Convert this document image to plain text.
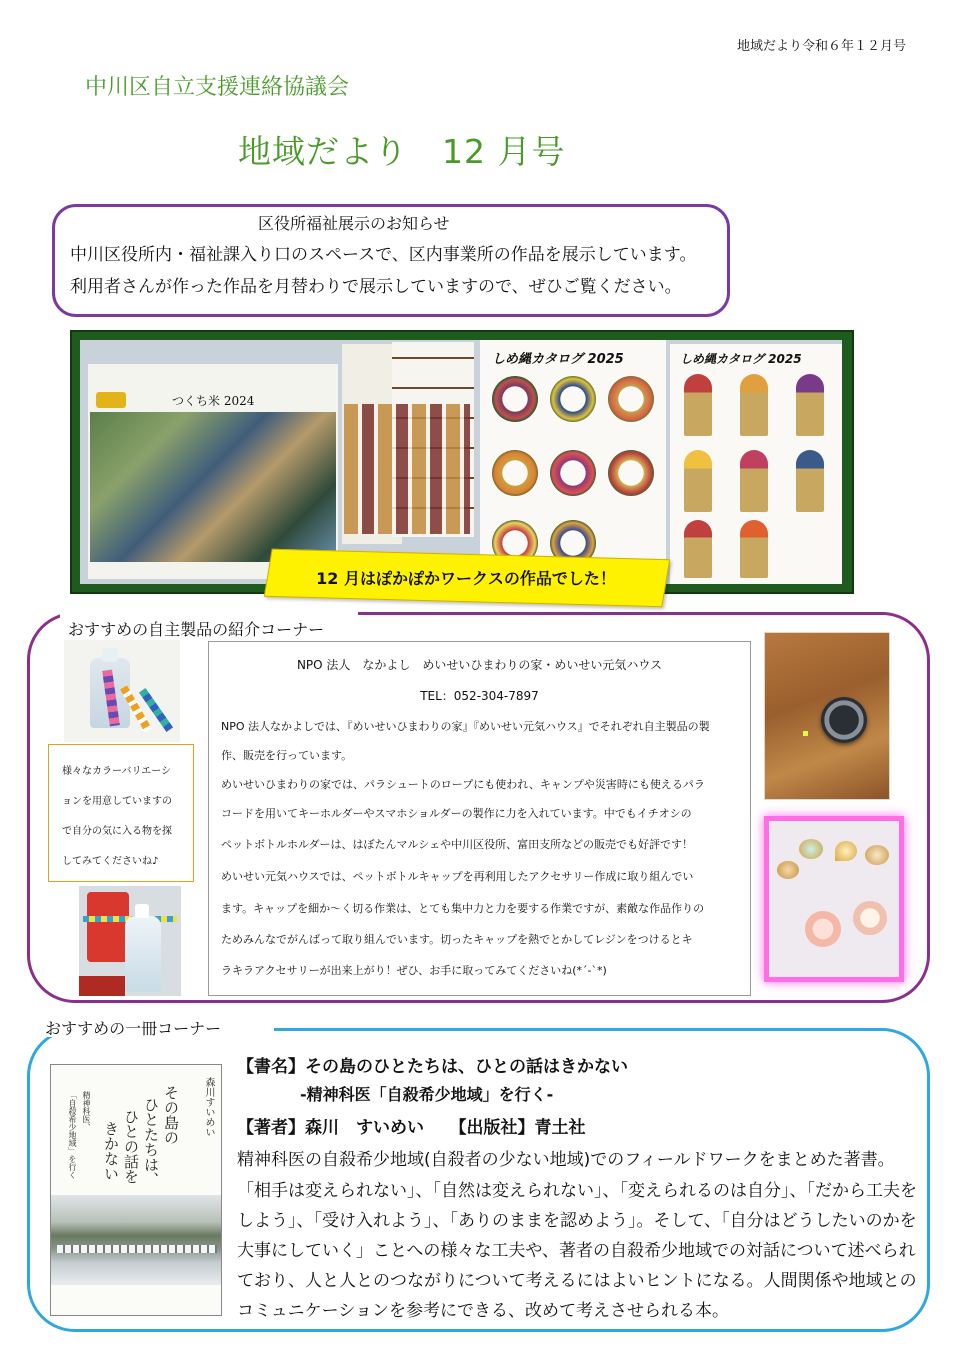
地域だより令和６年１２月号
中川区自立支援連絡協議会
地域だより　12 月号
区役所福祉展示のお知らせ
中川区役所内・福祉課入り口のスペースで、区内事業所の作品を展示しています。
利用者さんが作った作品を月替わりで展示していますので、ぜひご覧ください。
つくち米 2024
しめ縄カタログ 2025	しめ縄カタログ 2025
12 月はぽかぽかワークスの作品でした！
おすすめの自主製品の紹介コーナー
様々なカラーバリエーシ
ョンを用意していますの
で自分の気に入る物を探
してみてくださいね♪
NPO 法人　なかよし　めいせいひまわりの家・めいせい元気ハウス
TEL：052-304-7897
NPO 法人なかよしでは、『めいせいひまわりの家』『めいせい元気ハウス』でそれぞれ自主製品の製
作、販売を行っています。
めいせいひまわりの家では、パラシュートのロープにも使われ、キャンプや災害時にも使えるパラ
コードを用いてキーホルダーやスマホショルダーの製作に力を入れています。中でもイチオシの
ペットボトルホルダーは、はぼたんマルシェや中川区役所、富田支所などの販売でも好評です！
めいせい元気ハウスでは、ペットボトルキャップを再利用したアクセサリー作成に取り組んでい
ます。キャップを細か～く切る作業は、とても集中力と力を要する作業ですが、素敵な作品作りの
ためみんなでがんばって取り組んでいます。切ったキャップを熱でとかしてレジンをつけるとキ
ラキラアクセサリーが出来上がり！ぜひ、お手に取ってみてくださいね(*´-`*)
おすすめの一冊コーナー
森川すいめい
その島の
ひとたちは、
ひとの話を
きかない
精神科医、
「自殺希少地域」を行く
【書名】その島のひとたちは、ひとの話はきかない
-精神科医「自殺希少地域」を行く-
【著者】森川　すいめい　　【出版社】青土社
精神科医の自殺希少地域(自殺者の少ない地域)でのフィールドワークをまとめた著書。
「相手は変えられない」、「自然は変えられない」、「変えられるのは自分」、「だから工夫を
しよう」、「受け入れよう」、「ありのままを認めよう」。そして、「自分はどうしたいのかを
大事にしていく」ことへの様々な工夫や、著者の自殺希少地域での対話について述べられ
ており、人と人とのつながりについて考えるにはよいヒントになる。人間関係や地域との
コミュニケーションを参考にできる、改めて考えさせられる本。
